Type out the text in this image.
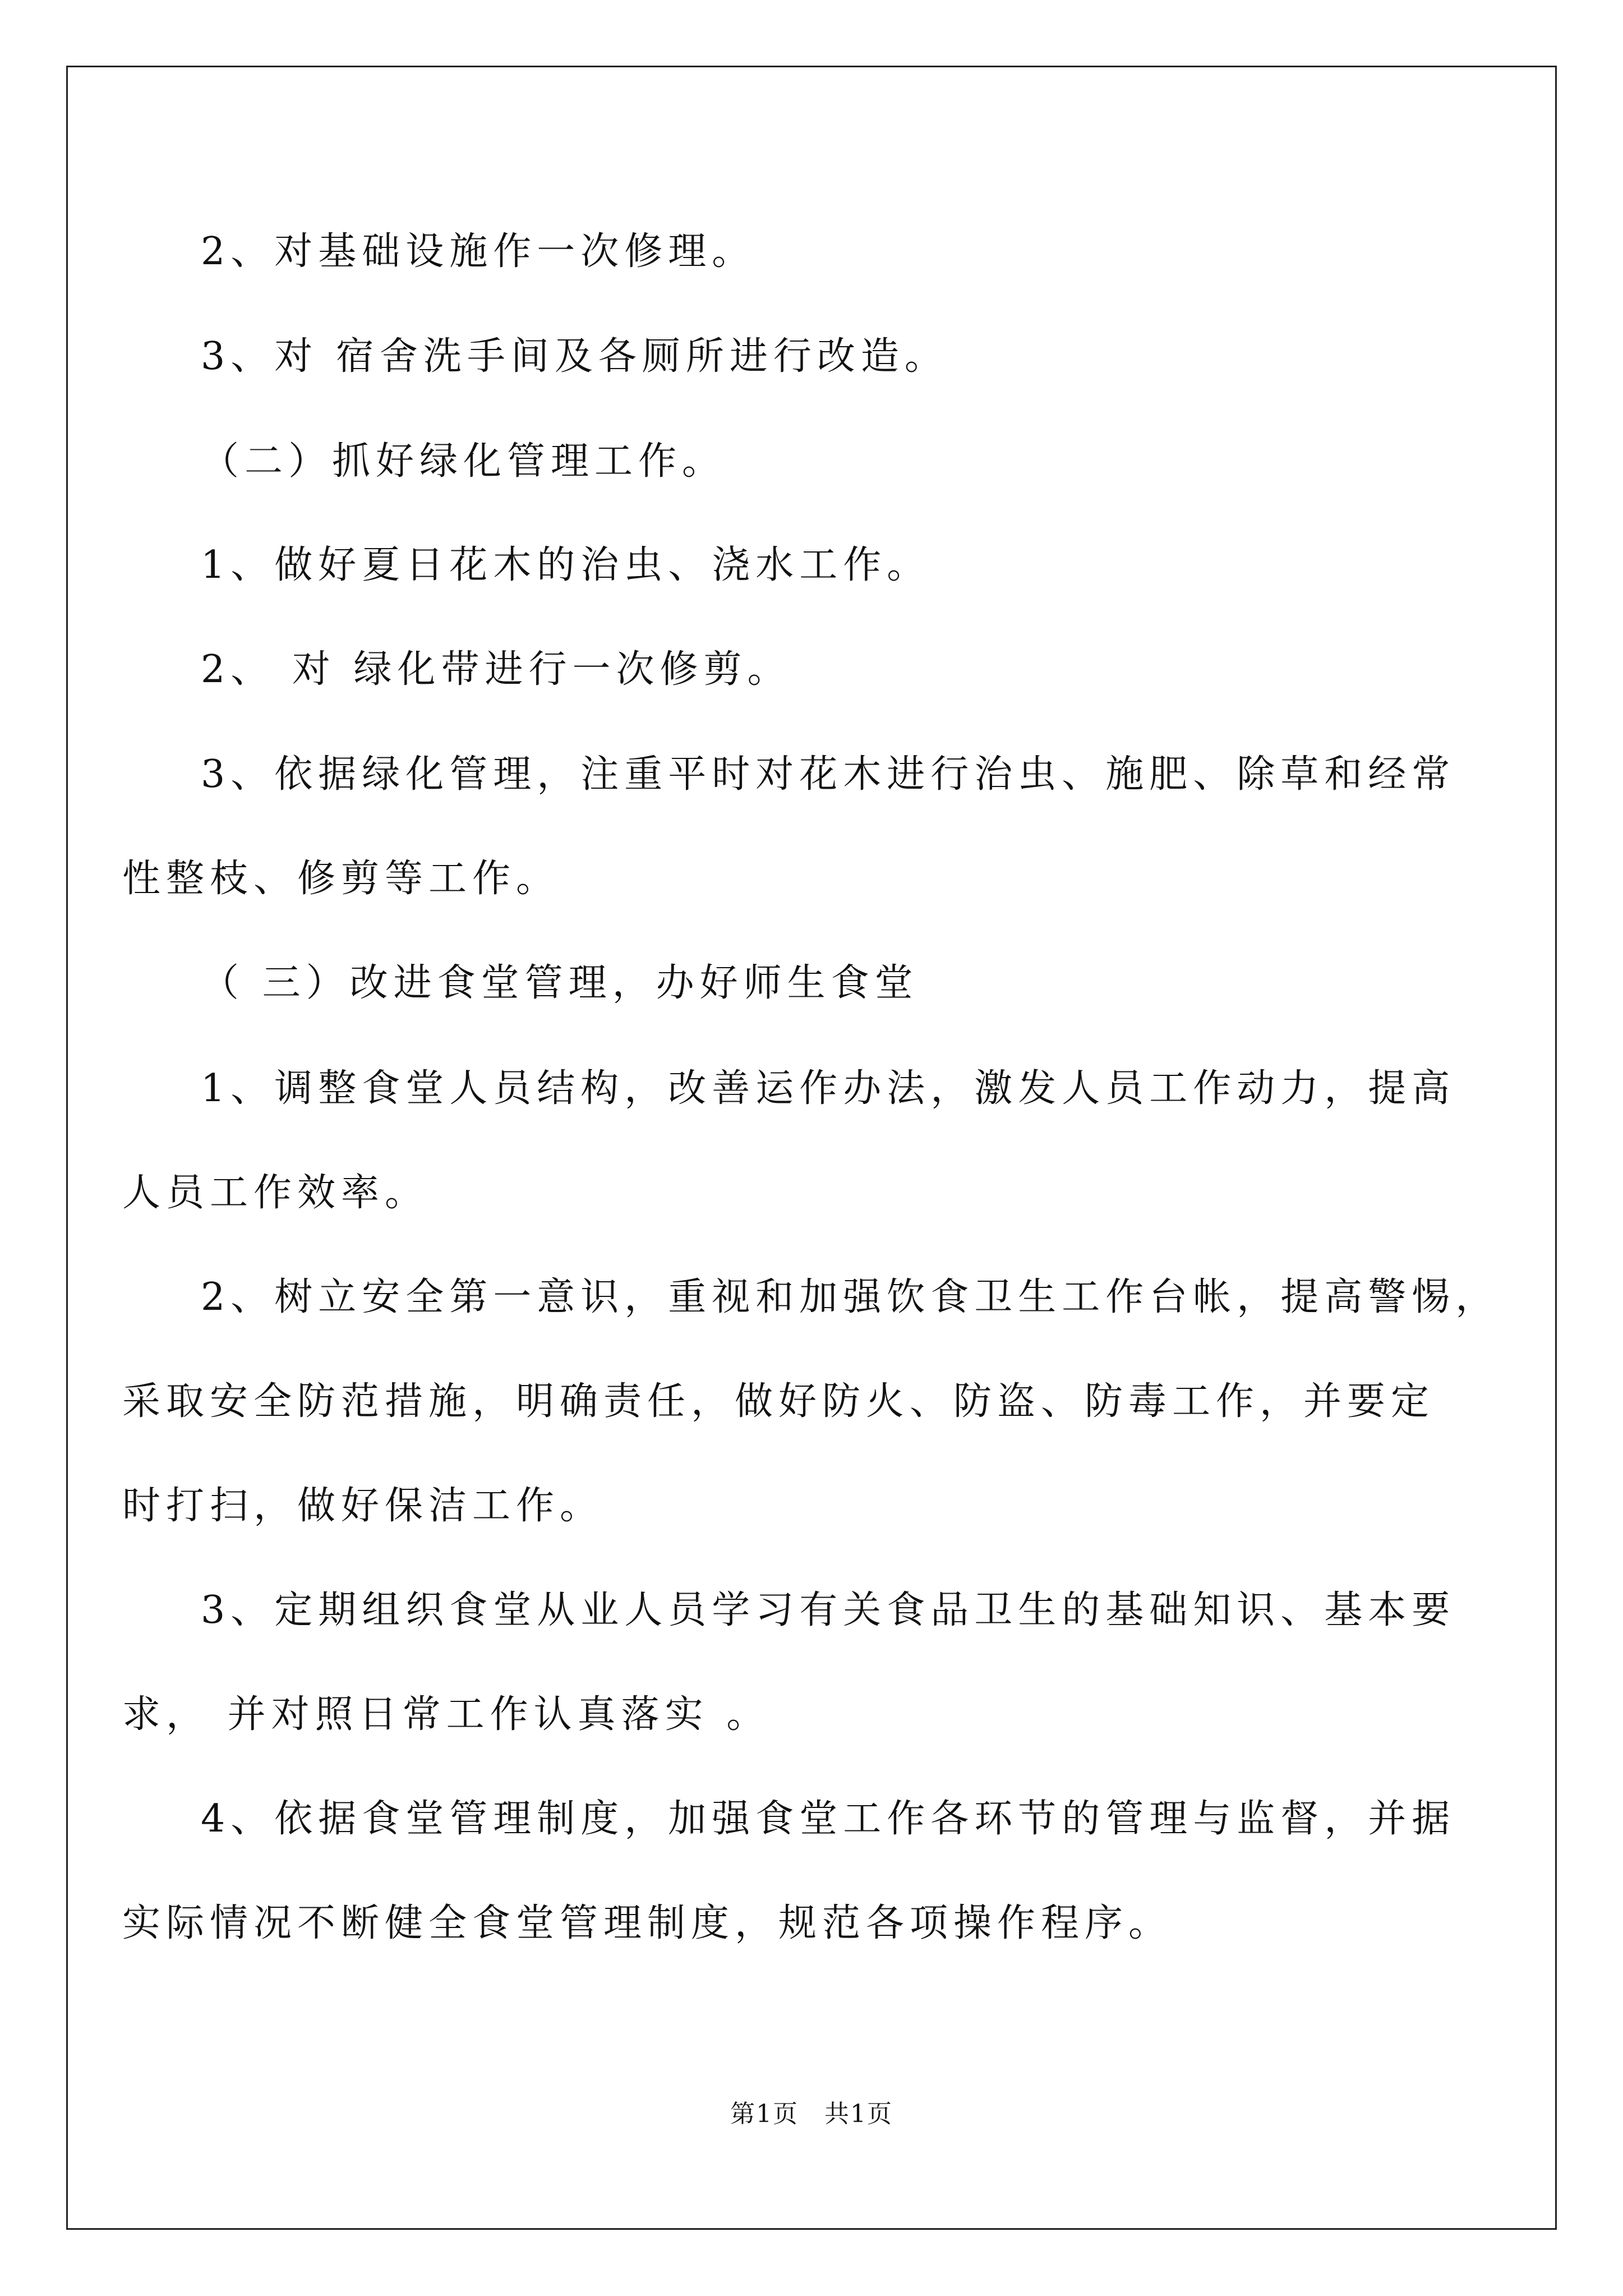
2、对基础设施作一次修理。

3、对 宿舍洗手间及各厕所进行改造。

（二）抓好绿化管理工作。

1、做好夏日花木的治虫、浇水工作。

2、 对 绿化带进行一次修剪。

3、依据绿化管理，注重平时对花木进行治虫、施肥、除草和经常
性整枝、修剪等工作。

（ 三）改进食堂管理，办好师生食堂

1、调整食堂人员结构，改善运作办法，激发人员工作动力，提高
人员工作效率。

2、树立安全第一意识，重视和加强饮食卫生工作台帐，提高警惕，
采取安全防范措施，明确责任，做好防火、防盗、防毒工作，并要定
时打扫，做好保洁工作。

3、定期组织食堂从业人员学习有关食品卫生的基础知识、基本要
求， 并对照日常工作认真落实 。

4、依据食堂管理制度，加强食堂工作各环节的管理与监督，并据
实际情况不断健全食堂管理制度，规范各项操作程序。

第1页　共1页
